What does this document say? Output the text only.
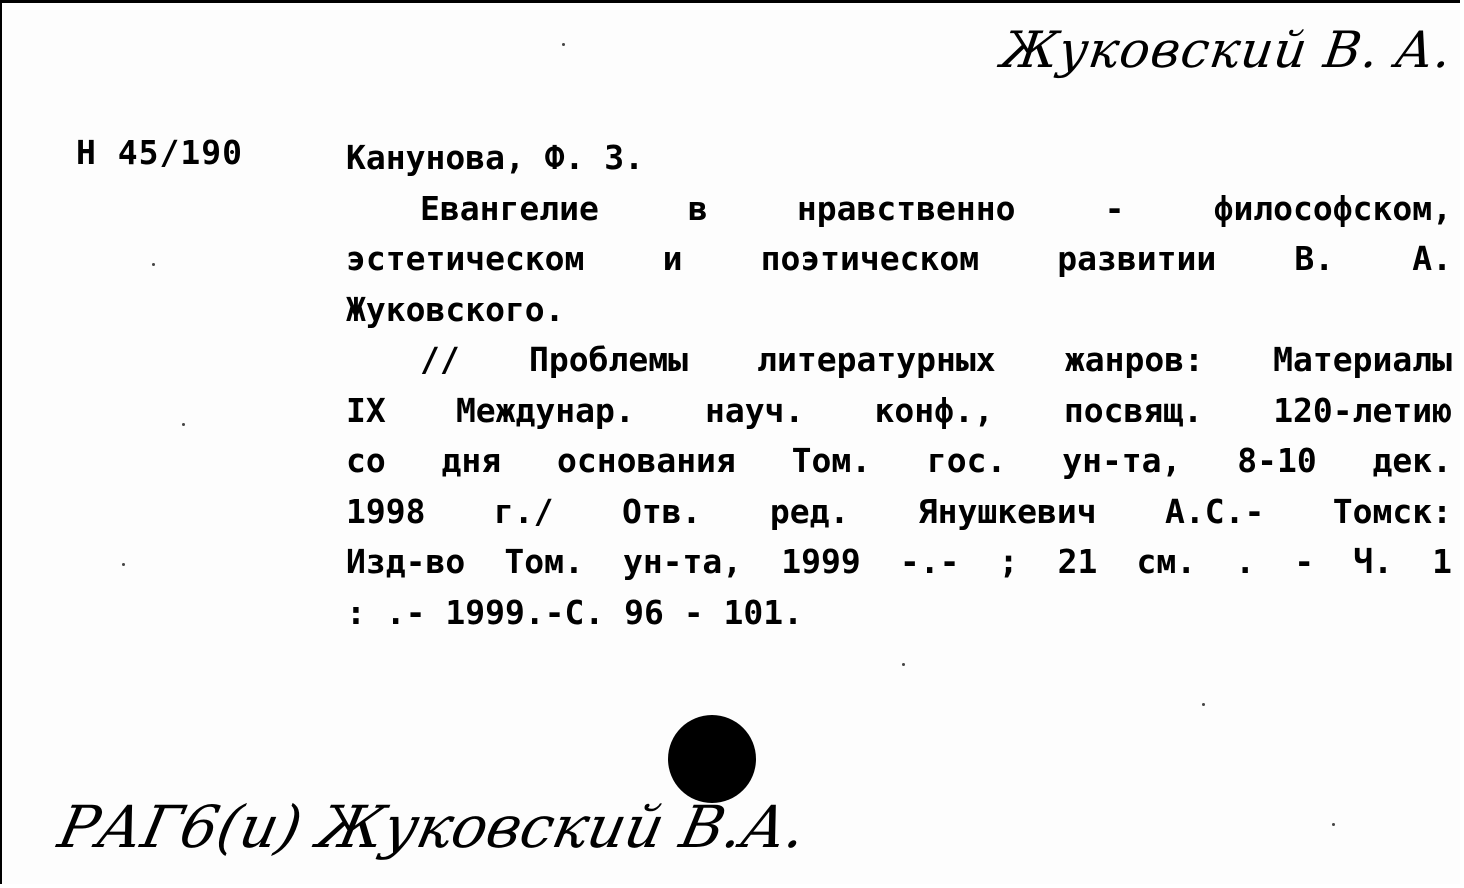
Жуковский В. А.
Н 45/190	Канунова, Ф. З.
Евангелие в нравственно - философском,
эстетическом и поэтическом развитии В. А.
Жуковского.
// Проблемы литературных жанров: Материалы
IX Междунар. науч. конф., посвящ. 120-летию
со дня основания Том. гос. ун-та, 8-10 дек.
1998 г./ Отв. ред. Янушкевич А.С.- Томск:
Изд-во Том. ун-та, 1999 -.- ; 21 см. . - Ч. 1
: .- 1999.-С. 96 - 101.
РАГ6(и) Жуковский В.А.
